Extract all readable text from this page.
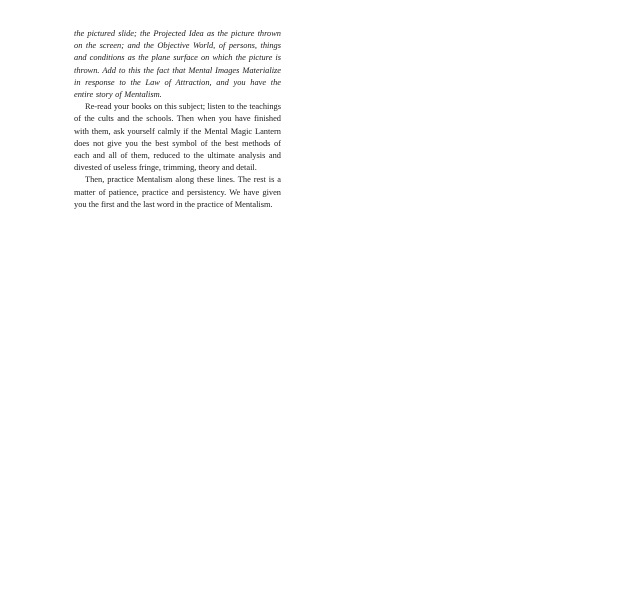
the pictured slide; the Projected Idea as the picture thrown on the screen; and the Objective World, of persons, things and conditions as the plane surface on which the picture is thrown. Add to this the fact that Mental Images Materialize in response to the Law of Attraction, and you have the entire story of Mentalism.

Re-read your books on this subject; listen to the teachings of the cults and the schools. Then when you have finished with them, ask yourself calmly if the Mental Magic Lantern does not give you the best symbol of the best methods of each and all of them, reduced to the ultimate analysis and divested of useless fringe, trimming, theory and detail.

Then, practice Mentalism along these lines. The rest is a matter of patience, practice and persistency. We have given you the first and the last word in the practice of Mentalism.
